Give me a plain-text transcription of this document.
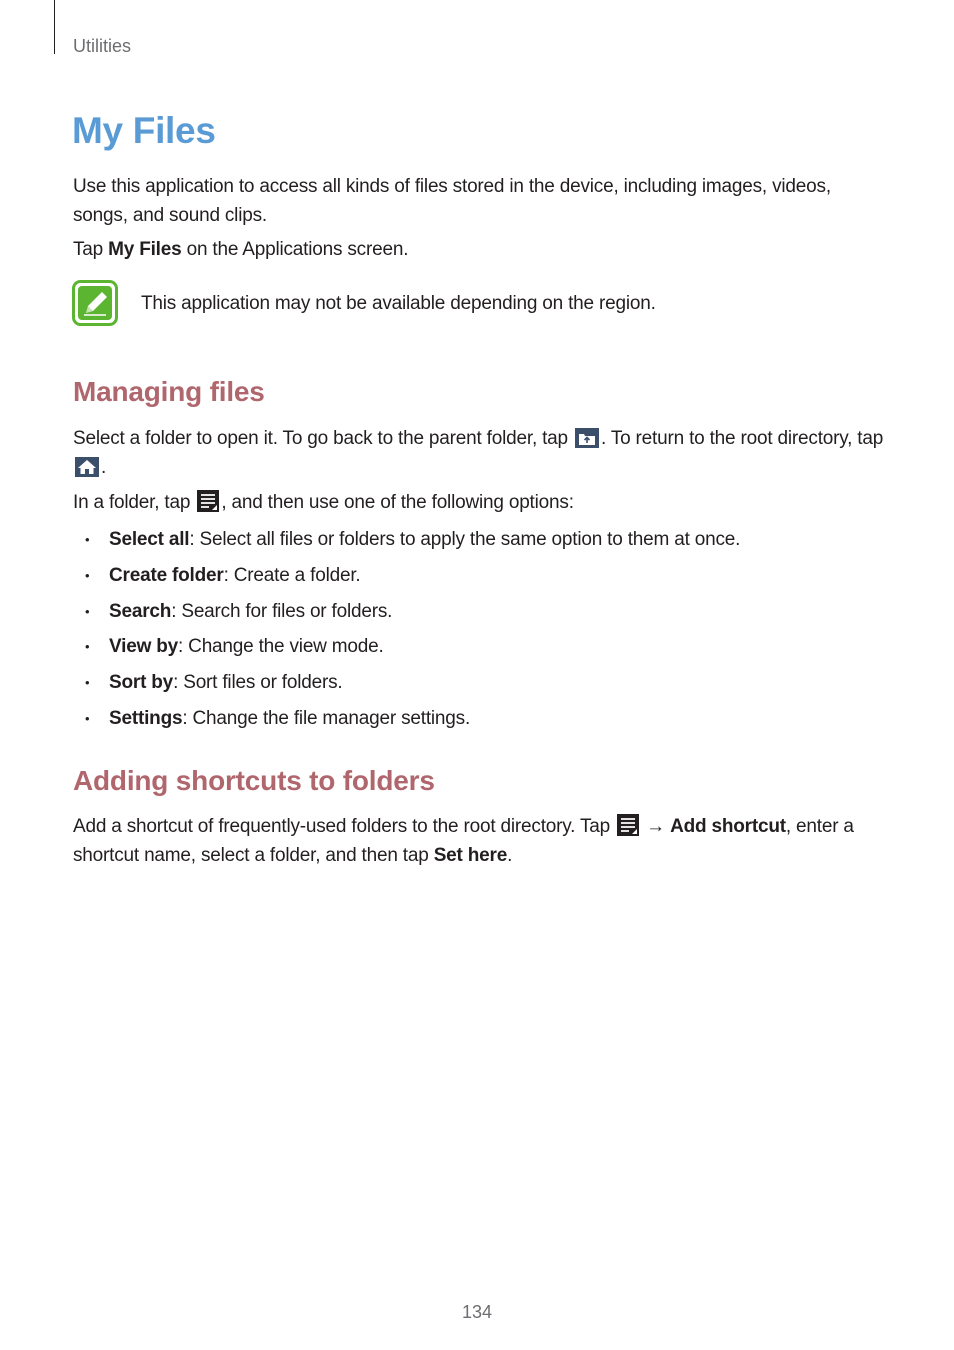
Utilities
My Files

Use this application to access all kinds of files stored in the device, including images, videos, songs, and sound clips.

Tap My Files on the Applications screen.

This application may not be available depending on the region.
Managing files

Select a folder to open it. To go back to the parent folder, tap . To return to the root directory, tap .

In a folder, tap , and then use one of the following options:

• Select all: Select all files or folders to apply the same option to them at once.
• Create folder: Create a folder.
• Search: Search for files or folders.
• View by: Change the view mode.
• Sort by: Sort files or folders.
• Settings: Change the file manager settings.
Adding shortcuts to folders

Add a shortcut of frequently-used folders to the root directory. Tap  → Add shortcut, enter a shortcut name, select a folder, and then tap Set here.

134
